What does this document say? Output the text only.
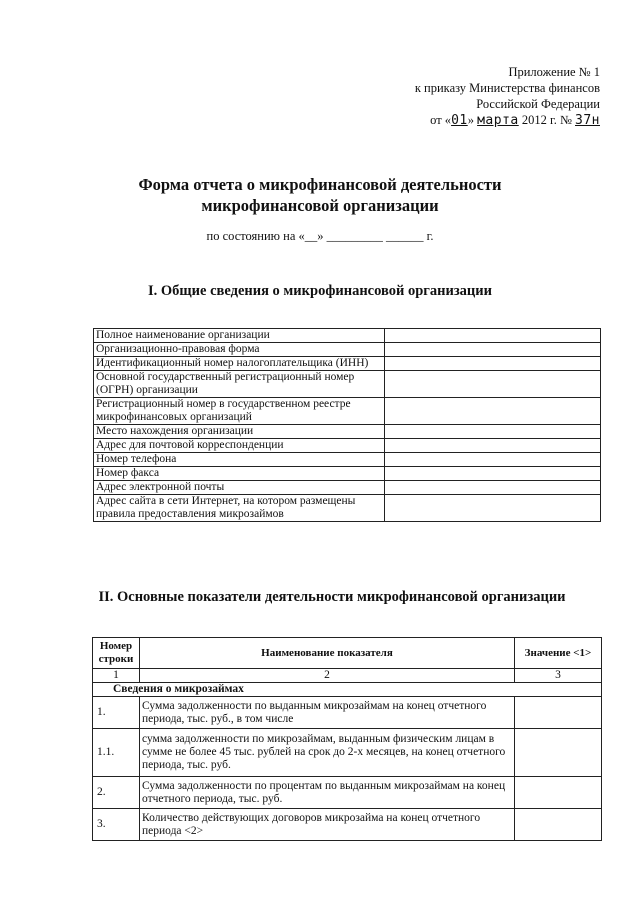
Приложение № 1
к приказу Министерства финансов
Российской Федерации
от «01» марта 2012 г. № 37н
Форма отчета о микрофинансовой деятельности
микрофинансовой организации
по состоянию на «__» _________ ______ г.
I. Общие сведения о микрофинансовой организации
Полное наименование организации	
Организационно-правовая форма	
Идентификационный номер налогоплательщика (ИНН)	
Основной государственный регистрационный номер (ОГРН) организации	
Регистрационный номер в государственном реестре микрофинансовых организаций	
Место нахождения организации	
Адрес для почтовой корреспонденции	
Номер телефона	
Номер факса	
Адрес электронной почты	
Адрес сайта в сети Интернет, на котором размещены правила предоставления микрозаймов	
II. Основные показатели деятельности микрофинансовой организации
Номер строки	Наименование показателя	Значение <1>
1	2	3
Сведения о микрозаймах		
1.	Сумма задолженности по выданным микрозаймам на конец отчетного периода, тыс. руб., в том числе	
1.1.	сумма задолженности по микрозаймам, выданным физическим лицам в сумме не более 45 тыс. рублей на срок до 2-х месяцев, на конец отчетного периода, тыс. руб.	
2.	Сумма задолженности по процентам по выданным микрозаймам на конец отчетного периода, тыс. руб.	
3.	Количество действующих договоров микрозайма на конец отчетного периода <2>	
